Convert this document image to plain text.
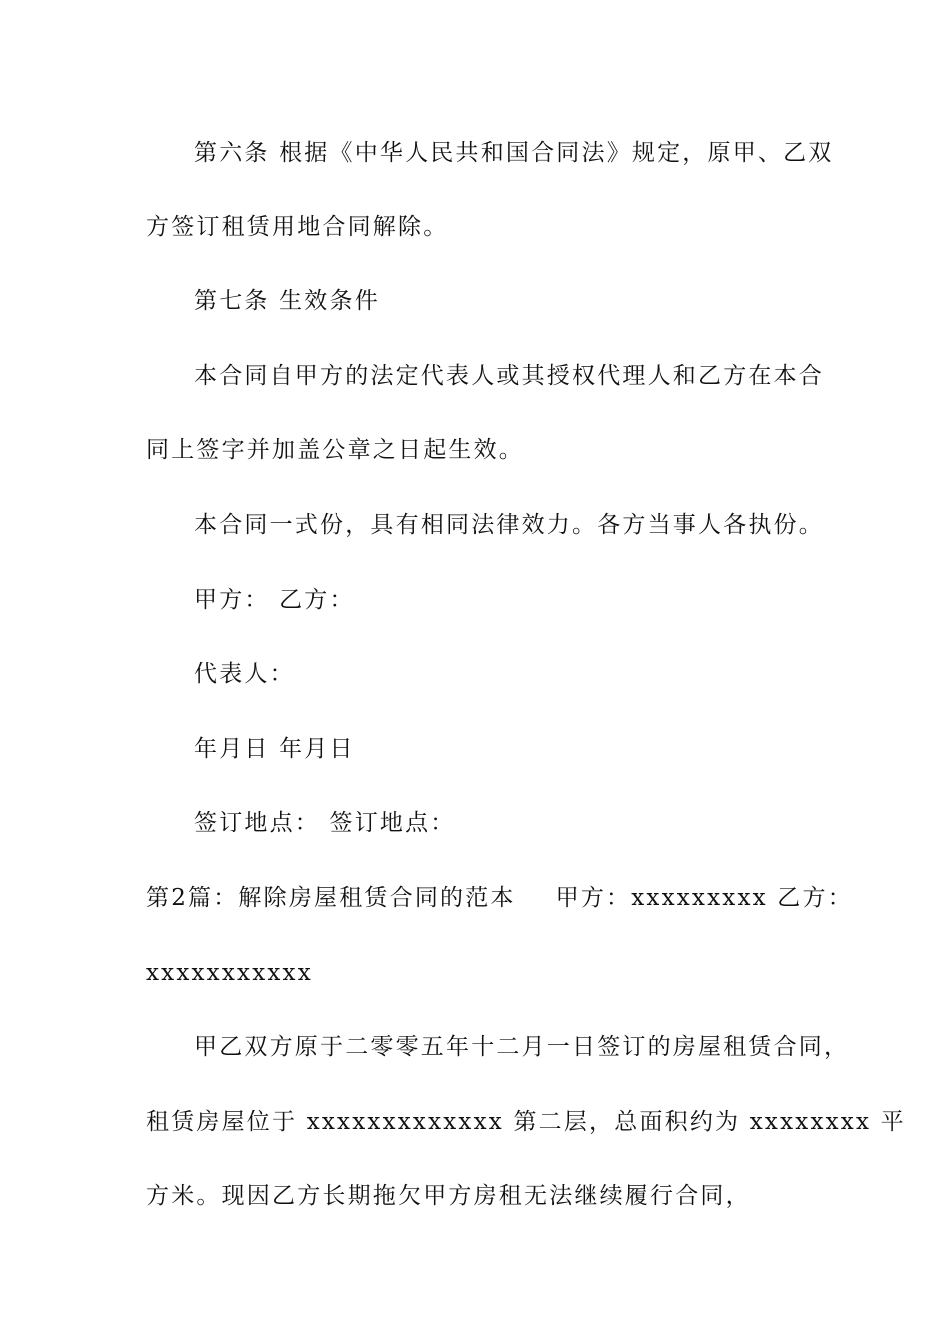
第六条 根据《中华人民共和国合同法》规定，原甲、乙双
方签订租赁用地合同解除。
第七条 生效条件
本合同自甲方的法定代表人或其授权代理人和乙方在本合
同上签字并加盖公章之日起生效。
本合同一式份，具有相同法律效力。各方当事人各执份。
甲方： 乙方：
代表人：
年月日 年月日
签订地点： 签订地点：
第2篇：解除房屋租赁合同的范本 甲方：xxxxxxxxx 乙方：
xxxxxxxxxxx
甲乙双方原于二零零五年十二月一日签订的房屋租赁合同，
租赁房屋位于 xxxxxxxxxxxxx 第二层，总面积约为 xxxxxxxx 平
方米。现因乙方长期拖欠甲方房租无法继续履行合同，
